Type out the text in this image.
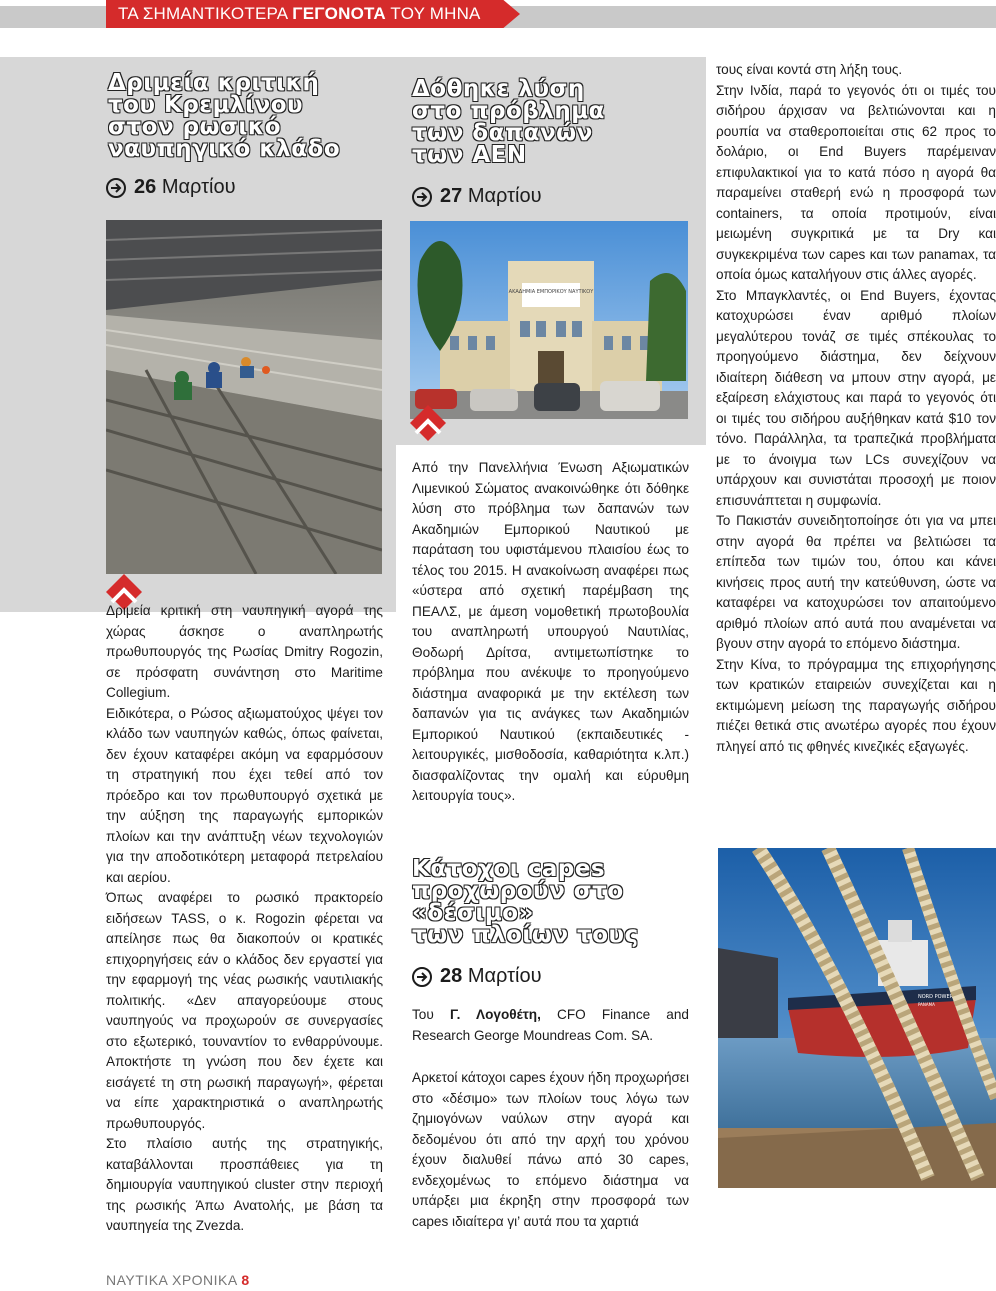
ΤΑ ΣΗΜΑΝΤΙΚΟΤΕΡΑ ΓΕΓΟΝΟΤΑ ΤΟΥ ΜΗΝΑ
Δριμεία κριτική
του Κρεμλίνου
στον ρωσικό
ναυπηγικό κλάδο
26 Μαρτίου

Δριμεία κριτική στη ναυπηγική αγορά της χώρας άσκησε ο αναπληρωτής πρωθυπουργός της Ρωσίας Dmitry Rogozin, σε πρόσφατη συνάντηση στο Maritime Collegium.

Ειδικότερα, ο Ρώσος αξιωματούχος ψέγει τον κλάδο των ναυπηγών καθώς, όπως φαίνεται, δεν έχουν καταφέρει ακόμη να εφαρμόσουν τη στρατηγική που έχει τεθεί από τον πρόεδρο και τον πρωθυπουργό σχετικά με την αύξηση της παραγωγής εμπορικών πλοίων και την ανάπτυξη νέων τεχνολογιών για την αποδοτικότερη μεταφορά πετρελαίου και αερίου.

Όπως αναφέρει το ρωσικό πρακτορείο ειδήσεων TASS, ο κ. Rogozin φέρεται να απείλησε πως θα διακοπούν οι κρατικές επιχορηγήσεις εάν ο κλάδος δεν εργαστεί για την εφαρμογή της νέας ρωσικής ναυτιλιακής πολιτικής. «Δεν απαγορεύουμε στους ναυπηγούς να προχωρούν σε συνεργασίες στο εξωτερικό, τουναντίον το ενθαρρύνουμε. Αποκτήστε τη γνώση που δεν έχετε και εισάγετέ τη στη ρωσική παραγωγή», φέρεται να είπε χαρακτηριστικά ο αναπληρωτής πρωθυπουργός.

Στο πλαίσιο αυτής της στρατηγικής, καταβάλλονται προσπάθειες για τη δημιουργία ναυπηγικού cluster στην περιοχή της ρωσικής Άπω Ανατολής, με βάση τα ναυπηγεία της Zvezda.

Δόθηκε λύση
στο πρόβλημα
των δαπανών
των ΑΕΝ
27 Μαρτίου
ΑΚΑΔΗΜΙΑ ΕΜΠΟΡΙΚΟΥ ΝΑΥΤΙΚΟΥ

Από την Πανελλήνια Ένωση Αξιωματικών Λιμενικού Σώματος ανακοινώθηκε ότι δόθηκε λύση στο πρόβλημα των δαπανών των Ακαδημιών Εμπορικού Ναυτικού με παράταση του υφιστάμενου πλαισίου έως το τέλος του 2015. Η ανακοίνωση αναφέρει πως «ύστερα από σχετική παρέμβαση της ΠΕΑΛΣ, με άμεση νομοθετική πρωτοβουλία του αναπληρωτή υπουργού Ναυτιλίας, Θοδωρή Δρίτσα, αντιμετωπίστηκε το πρόβλημα που ανέκυψε το προηγούμενο διάστημα αναφορικά με την εκτέλεση των δαπανών για τις ανάγκες των Ακαδημιών Εμπορικού Ναυτικού (εκπαιδευτικές - λειτουργικές, μισθοδοσία, καθαριότητα κ.λπ.) διασφαλίζοντας την ομαλή και εύρυθμη λειτουργία τους».

Κάτοχοι capes
προχωρούν στο
«δέσιμο»
των πλοίων τους
28 Μαρτίου
Του Γ. Λογοθέτη, CFO Finance and Research George Moundreas Com. SA.

Αρκετοί κάτοχοι capes έχουν ήδη προχωρήσει στο «δέσιμο» των πλοίων τους λόγω των ζημιογόνων ναύλων στην αγορά και δεδομένου ότι από την αρχή του χρόνου έχουν διαλυθεί πάνω από 30 capes, ενδεχομένως το επόμενο διάστημα να υπάρξει μια έκρηξη στην προσφορά των capes ιδιαίτερα γι’ αυτά που τα χαρτιά

τους είναι κοντά στη λήξη τους.

Στην Ινδία, παρά το γεγονός ότι οι τιμές του σιδήρου άρχισαν να βελτιώνονται και η ρουπία να σταθεροποιείται στις 62 προς το δολάριο, οι End Buyers παρέμειναν επιφυλακτικοί για το κατά πόσο η αγορά θα παραμείνει σταθερή ενώ η προσφορά των containers, τα οποία προτιμούν, είναι μειωμένη συγκριτικά με τα Dry και συγκεκριμένα των capes και των panamax, τα οποία όμως καταλήγουν στις άλλες αγορές.

Στο Μπαγκλαντές, οι End Buyers, έχοντας κατοχυρώσει έναν αριθμό πλοίων μεγαλύτερου τονάζ σε τιμές σπέκουλας το προηγούμενο διάστημα, δεν δείχνουν ιδιαίτερη διάθεση να μπουν στην αγορά, με εξαίρεση ελάχιστους και παρά το γεγονός ότι οι τιμές του σιδήρου αυξήθηκαν κατά $10 τον τόνο. Παράλληλα, τα τραπεζικά προβλήματα με το άνοιγμα των LCs συνεχίζουν να υπάρχουν και συνιστάται προσοχή με ποιον επισυνάπτεται η συμφωνία.

Το Πακιστάν συνειδητοποίησε ότι για να μπει στην αγορά θα πρέπει να βελτιώσει τα επίπεδα των τιμών του, όπου και κάνει κινήσεις προς αυτή την κατεύθυνση, ώστε να καταφέρει να κατοχυρώσει τον απαιτούμενο αριθμό πλοίων από αυτά που αναμένεται να βγουν στην αγορά το επόμενο διάστημα.

Στην Κίνα, το πρόγραμμα της επιχορήγησης των κρατικών εταιρειών συνεχίζεται και η εκτιμώμενη μείωση της παραγωγής σιδήρου πιέζει θετικά στις ανωτέρω αγορές που έχουν πληγεί από τις φθηνές κινεζικές εξαγωγές.

NORD POWER
PANAMA
ΝΑΥΤΙΚΑ ΧΡΟΝΙΚΑ 8
